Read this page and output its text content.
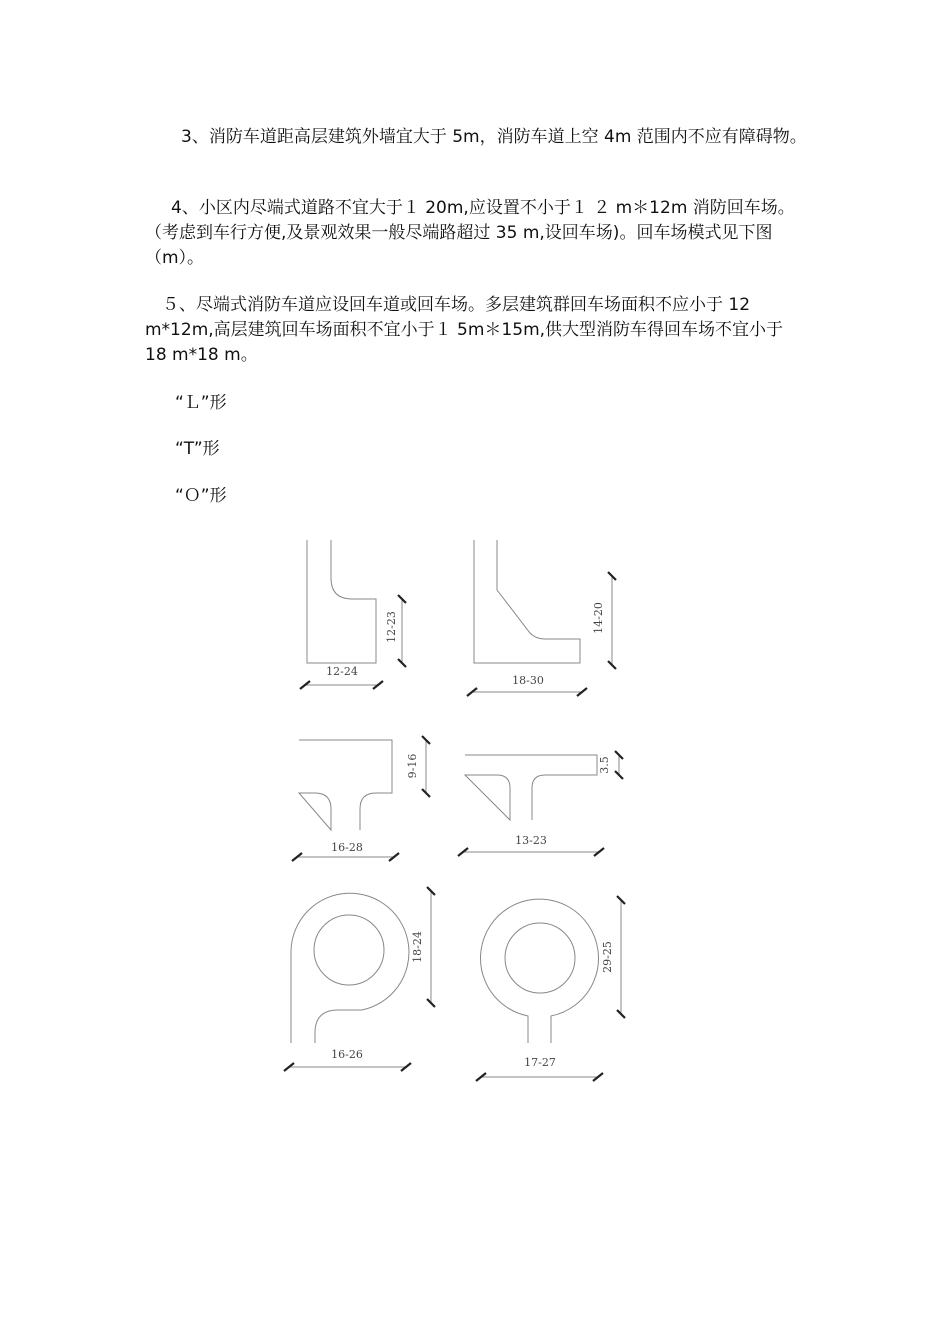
3、消防车道距高层建筑外墙宜大于 5m，消防车道上空 4m 范围内不应有障碍物。

4、小区内尽端式道路不宜大于１ 20m,应设置不小于１ ２ m＊12m 消防回车场。（考虑到车行方便,及景观效果一般尽端路超过 35 m,设回车场)。回车场模式见下图（m）。

５、尽端式消防车道应设回车道或回车场。多层建筑群回车场面积不应小于 12 m*12m,高层建筑回车场面积不宜小于１ 5m＊15m,供大型消防车得回车场不宜小于 18 m*18 m。

“Ｌ”形
“T”形
“Ｏ”形
12-24
12-23
18-30
14-20
16-28
9-16
13-23
3.5
16-26
18-24
17-27
29-25
